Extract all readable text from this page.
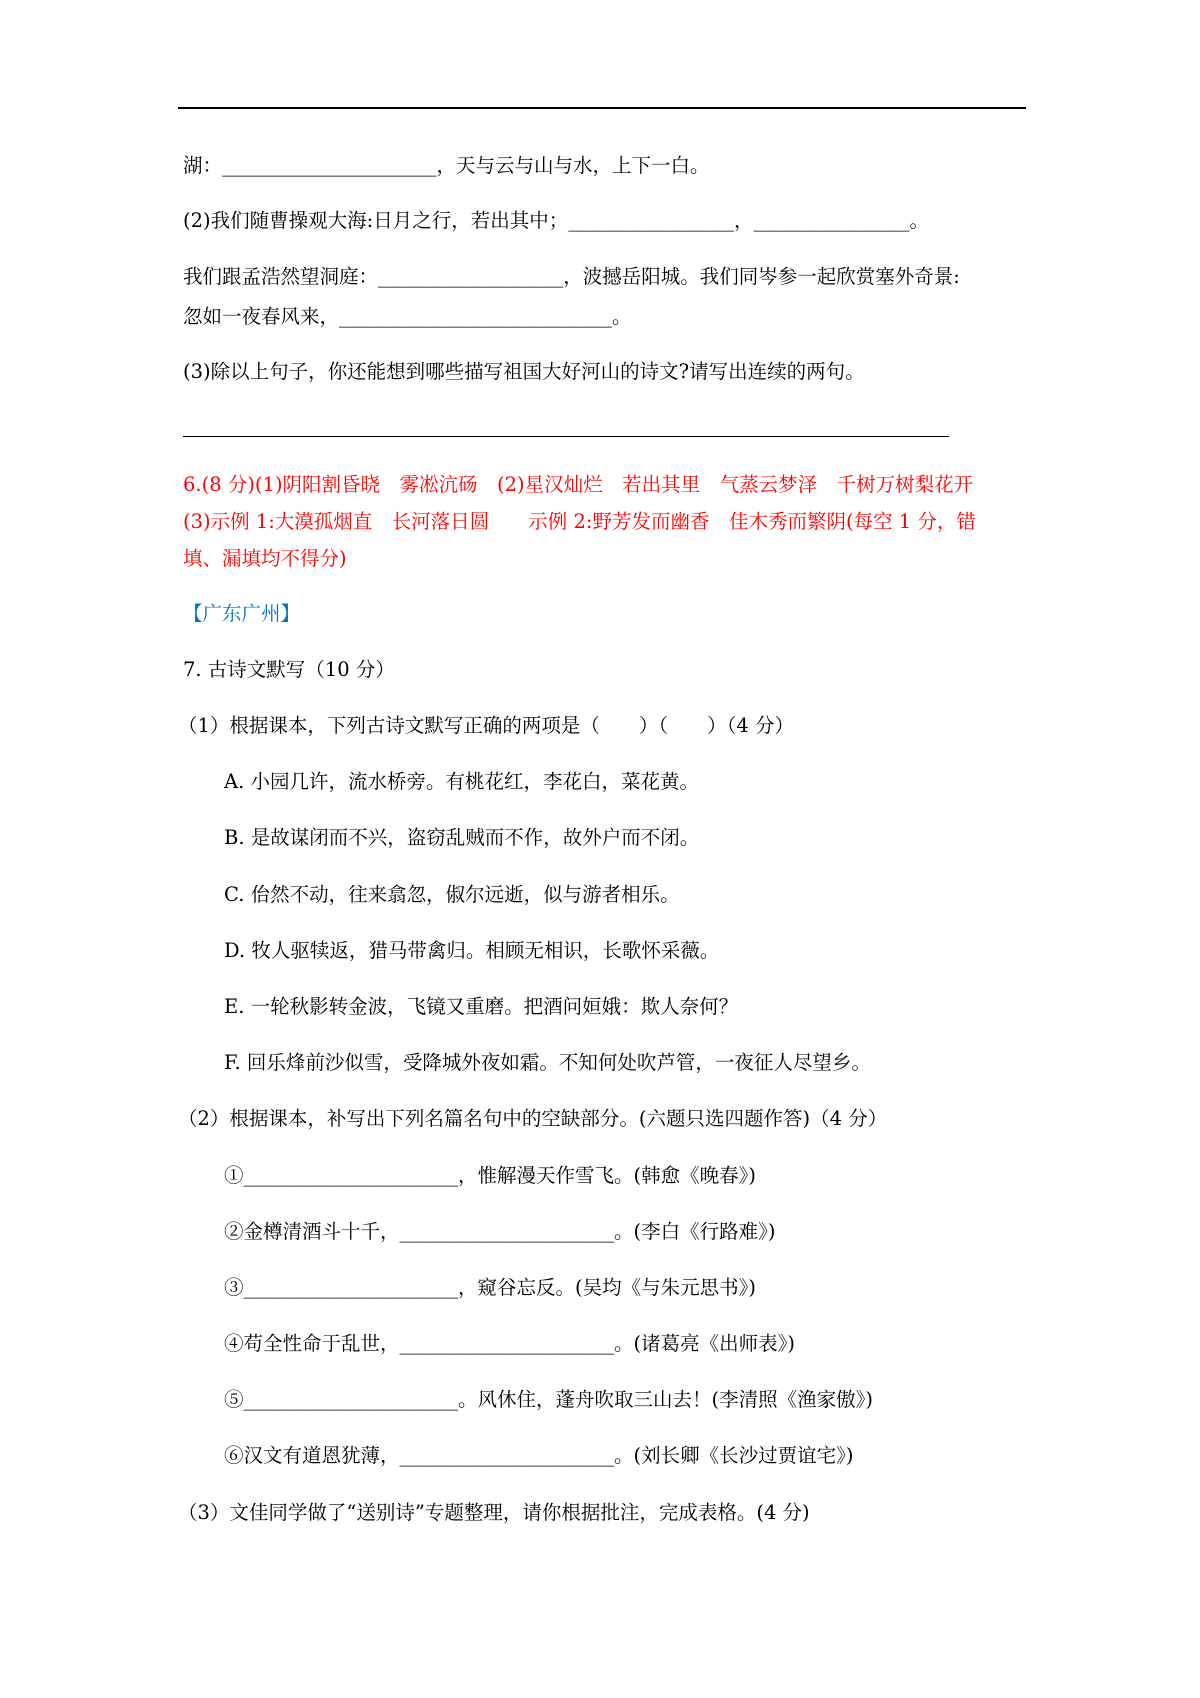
湖：______________________，天与云与山与水，上下一白。
(2)我们随曹操观大海:日月之行，若出其中；_________________，________________。
我们跟孟浩然望洞庭：___________________，波撼岳阳城。我们同岑参一起欣赏塞外奇景:
忽如一夜春风来，____________________________。
(3)除以上句子，你还能想到哪些描写祖国大好河山的诗文?请写出连续的两句。
6.(8 分)(1)阴阳割昏晓　雾凇沆砀　(2)星汉灿烂　若出其里　气蒸云梦泽　千树万树梨花开
(3)示例 1:大漠孤烟直　长河落日圆　　示例 2:野芳发而幽香　佳木秀而繁阴(每空 1 分，错
填、漏填均不得分)
【广东广州】
7. 古诗文默写（10 分）
（1）根据课本，下列古诗文默写正确的两项是（　　）（　　）（4 分）
A. 小园几许，流水桥旁。有桃花红，李花白，菜花黄。
B. 是故谋闭而不兴，盗窃乱贼而不作，故外户而不闭。
C. 佁然不动，往来翕忽，俶尔远逝，似与游者相乐。
D. 牧人驱犊返，猎马带禽归。相顾无相识，长歌怀采薇。
E. 一轮秋影转金波，飞镜又重磨。把酒问姮娥：欺人奈何？
F. 回乐烽前沙似雪，受降城外夜如霜。不知何处吹芦管，一夜征人尽望乡。
（2）根据课本，补写出下列名篇名句中的空缺部分。(六题只选四题作答)（4 分）
①______________________，惟解漫天作雪飞。(韩愈《晚春》)
②金樽清酒斗十千，______________________。(李白《行路难》)
③______________________，窥谷忘反。(吴均《与朱元思书》)
④苟全性命于乱世，______________________。(诸葛亮《出师表》)
⑤______________________。风休住，蓬舟吹取三山去！(李清照《渔家傲》)
⑥汉文有道恩犹薄，______________________。(刘长卿《长沙过贾谊宅》)
（3）文佳同学做了“送别诗”专题整理，请你根据批注，完成表格。(4 分)
